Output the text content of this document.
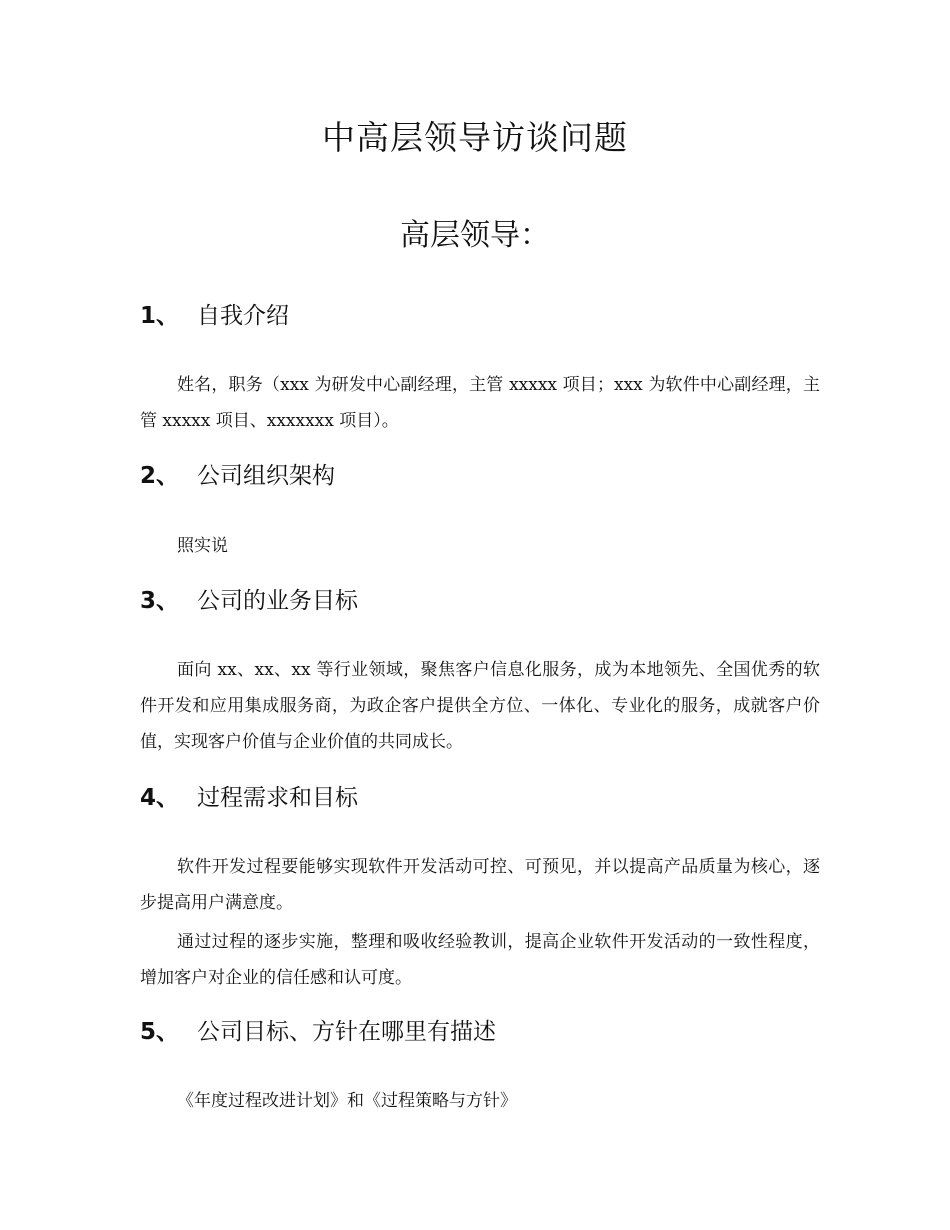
中高层领导访谈问题
高层领导：
1、 自我介绍
姓名，职务（xxx 为研发中心副经理，主管 xxxxx 项目；xxx 为软件中心副经理，主管 xxxxx 项目、xxxxxxx 项目）。
2、 公司组织架构
照实说
3、 公司的业务目标
面向 xx、xx、xx 等行业领域，聚焦客户信息化服务，成为本地领先、全国优秀的软件开发和应用集成服务商，为政企客户提供全方位、一体化、专业化的服务，成就客户价值，实现客户价值与企业价值的共同成长。
4、 过程需求和目标
软件开发过程要能够实现软件开发活动可控、可预见，并以提高产品质量为核心，逐步提高用户满意度。
通过过程的逐步实施，整理和吸收经验教训，提高企业软件开发活动的一致性程度，增加客户对企业的信任感和认可度。
5、 公司目标、方针在哪里有描述
《年度过程改进计划》和《过程策略与方针》
